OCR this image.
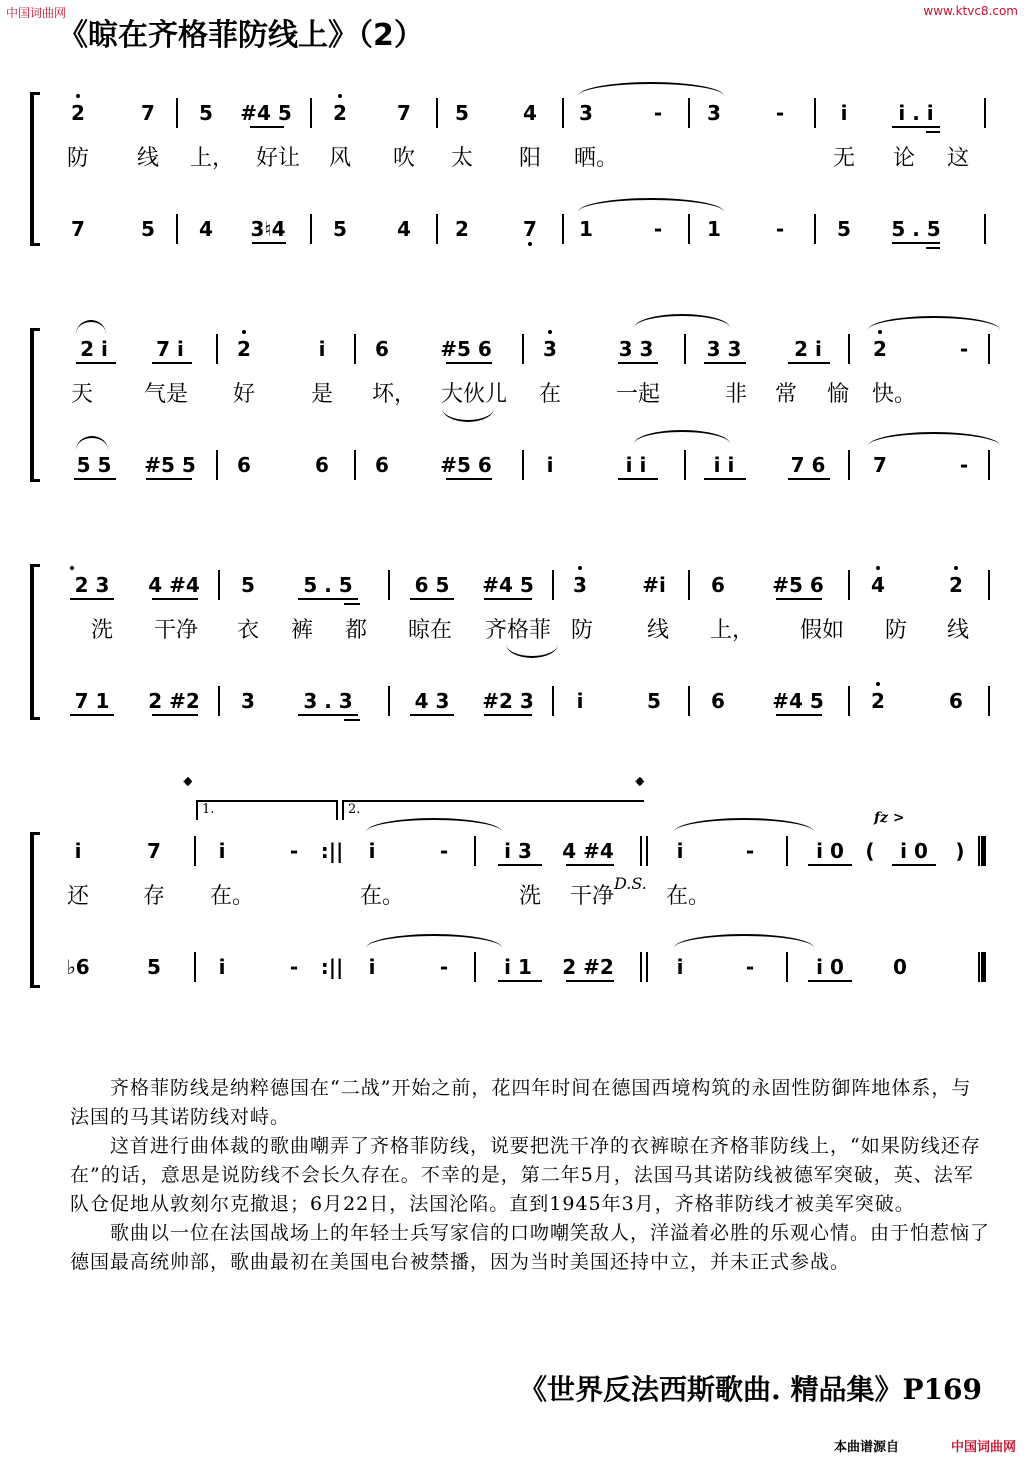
中国词曲网	www.ktvc8.com
《晾在齐格菲防线上》（2）
2	7 5 #4 5 2	7 5	4 3	- 3	-	i	i . i
防 线 上， 好让 风 吹 太 阳 晒。	无 论 这
7	5 4 3♮4 5	4 2	7 1	- 1	-	5 5 . 5
2 i 7 i	2	i 6	#5 6	3	3 3	3 3	2 i	2	-
天 气是 好	是 坏， 大伙儿 在 一起	非 常 愉 快。
5 5 #5 5 6	6 6	#5 6	i	i i	i i	7 6 7	-
2 3 4 #4 5 5 . 5	6 5 #4 5 3	#i 6 #5 6 4	2
洗 干净 衣 裤 都 晾在 齐格菲 防 线 上， 假如 防 线
7 1 2 #2 3 3 . 3	4 3 #2 3 i	5	6 #4 5 2	6
𝄌	𝄌
1.	2.
fz >
i	7	i	- :|| i	-	i 3 4 #4	i	-	i 0 ( i 0 )
还 存 在。	在。	洗 干净 在。
D.S.
♭6	5	i	- :|| i	-	i 1 2 #2	i	-	i 0 0

齐格菲防线是纳粹德国在“二战”开始之前，花四年时间在德国西境构筑的永固性防御阵地体系，与法国的马其诺防线对峙。

这首进行曲体裁的歌曲嘲弄了齐格菲防线，说要把洗干净的衣裤晾在齐格菲防线上，“如果防线还存在”的话，意思是说防线不会长久存在。不幸的是，第二年5月，法国马其诺防线被德军突破，英、法军队仓促地从敦刻尔克撤退；6月22日，法国沦陷。直到1945年3月，齐格菲防线才被美军突破。

歌曲以一位在法国战场上的年轻士兵写家信的口吻嘲笑敌人，洋溢着必胜的乐观心情。由于怕惹恼了德国最高统帅部，歌曲最初在美国电台被禁播，因为当时美国还持中立，并未正式参战。

《世界反法西斯歌曲. 精品集》P169
本曲谱源自	中国词曲网
